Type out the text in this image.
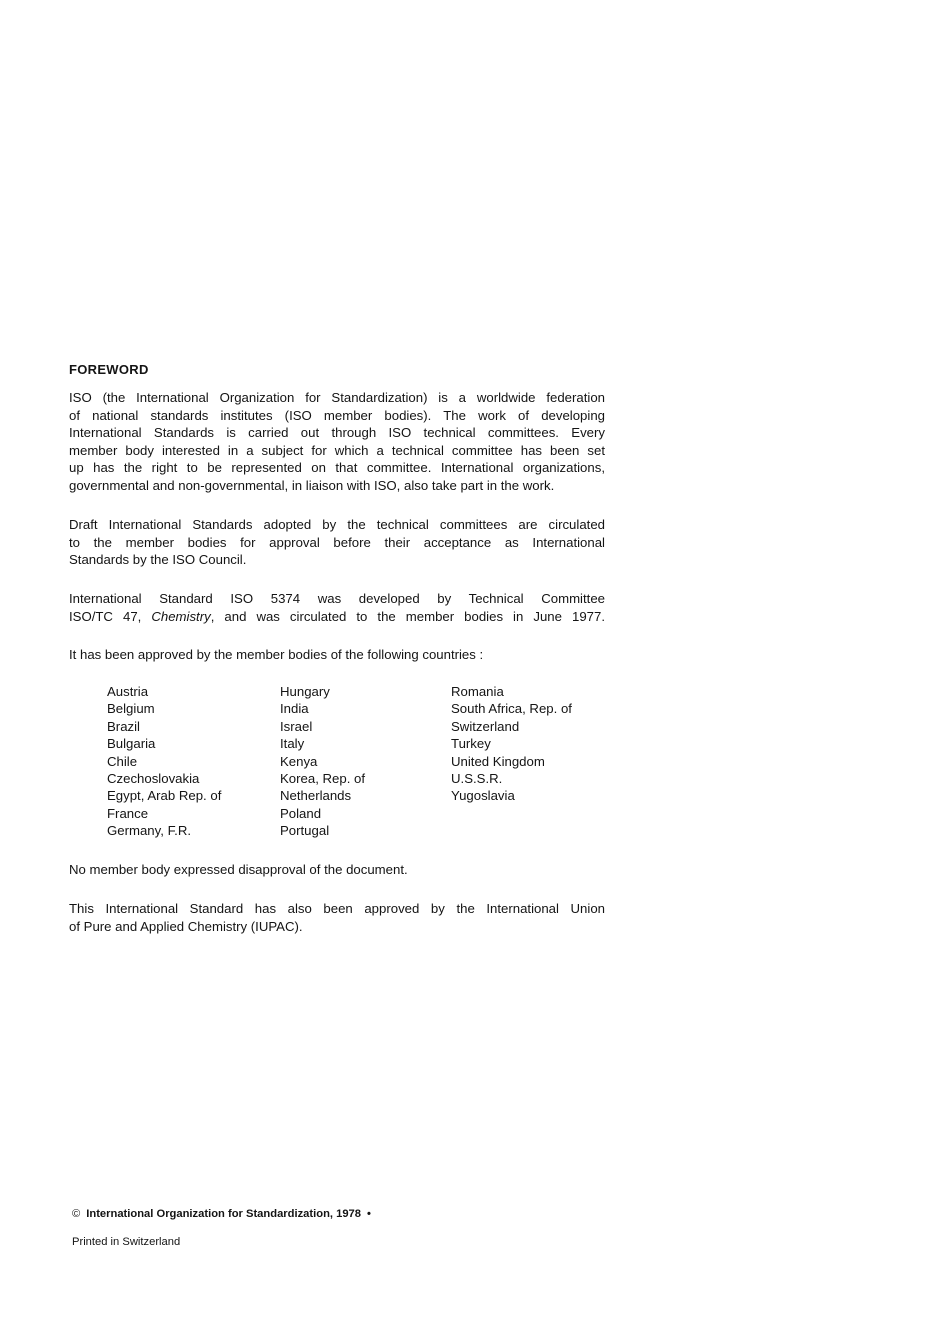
FOREWORD

ISO (the International Organization for Standardization) is a worldwide federation
of national standards institutes (ISO member bodies). The work of developing
International Standards is carried out through ISO technical committees. Every
member body interested in a subject for which a technical committee has been set
up has the right to be represented on that committee. International organizations,
governmental and non-governmental, in liaison with ISO, also take part in the work.

Draft International Standards adopted by the technical committees are circulated
to the member bodies for approval before their acceptance as International
Standards by the ISO Council.

International Standard ISO 5374 was developed by Technical Committee
ISO/TC 47, Chemistry, and was circulated to the member bodies in June 1977.

It has been approved by the member bodies of the following countries :

Austria
Belgium
Brazil
Bulgaria
Chile
Czechoslovakia
Egypt, Arab Rep. of
France
Germany, F.R.
Hungary
India
Israel
Italy
Kenya
Korea, Rep. of
Netherlands
Poland
Portugal
Romania
South Africa, Rep. of
Switzerland
Turkey
United Kingdom
U.S.S.R.
Yugoslavia

No member body expressed disapproval of the document.

This International Standard has also been approved by the International Union
of Pure and Applied Chemistry (IUPAC).

© International Organization for Standardization, 1978 •
Printed in Switzerland
